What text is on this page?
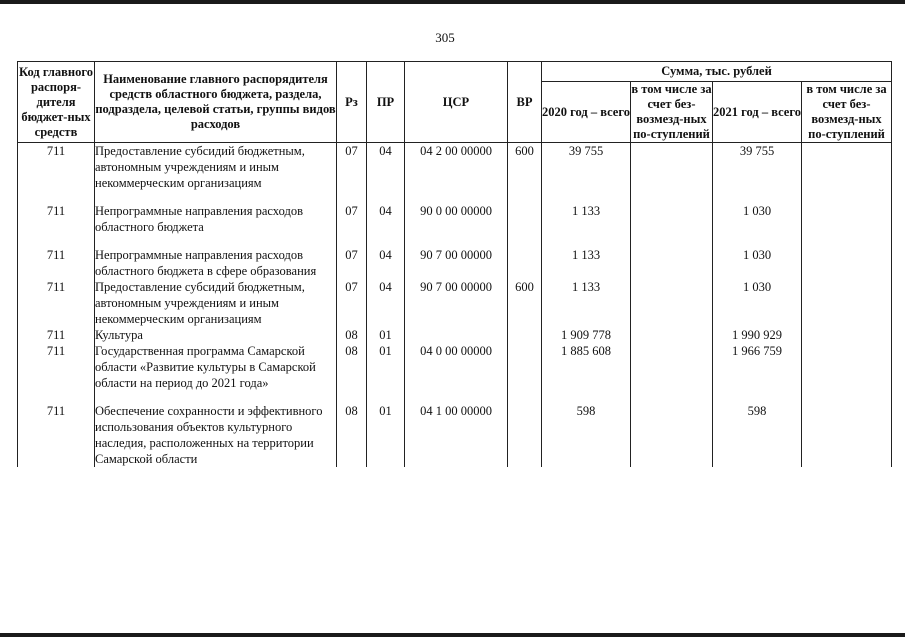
305
Код главного распоря-дителя бюджет-ных средств	Наименование главного распорядителя средств областного бюджета, раздела, подраздела, целевой статьи, группы видов расходов	Рз	ПР	ЦСР	ВР	Сумма, тыс. рублей			
						2020 год – всего	в том числе за счет без-возмезд-ных по-ступлений	2021 год – всего	в том числе за счет без-возмезд-ных по-ступлений
711	Предоставление субсидий бюджетным, автономным учреждениям и иным некоммерческим организациям	07	04	04 2 00 00000	600	39 755		39 755	

711	Непрограммные направления расходов областного бюджета	07	04	90 0 00 00000		1 133		1 030	

711	Непрограммные направления расходов областного бюджета в сфере образования	07	04	90 7 00 00000		1 133		1 030	
711	Предоставление субсидий бюджетным, автономным учреждениям и иным некоммерческим организациям	07	04	90 7 00 00000	600	1 133		1 030	
711	Культура	08	01			1 909 778		1 990 929	
711	Государственная программа Самарской области «Развитие культуры в Самарской области на период до 2021 года»	08	01	04 0 00 00000		1 885 608		1 966 759	

711	Обеспечение сохранности и эффективного использования объектов культурного наследия, расположенных на территории Самарской области	08	01	04 1 00 00000		598		598	
